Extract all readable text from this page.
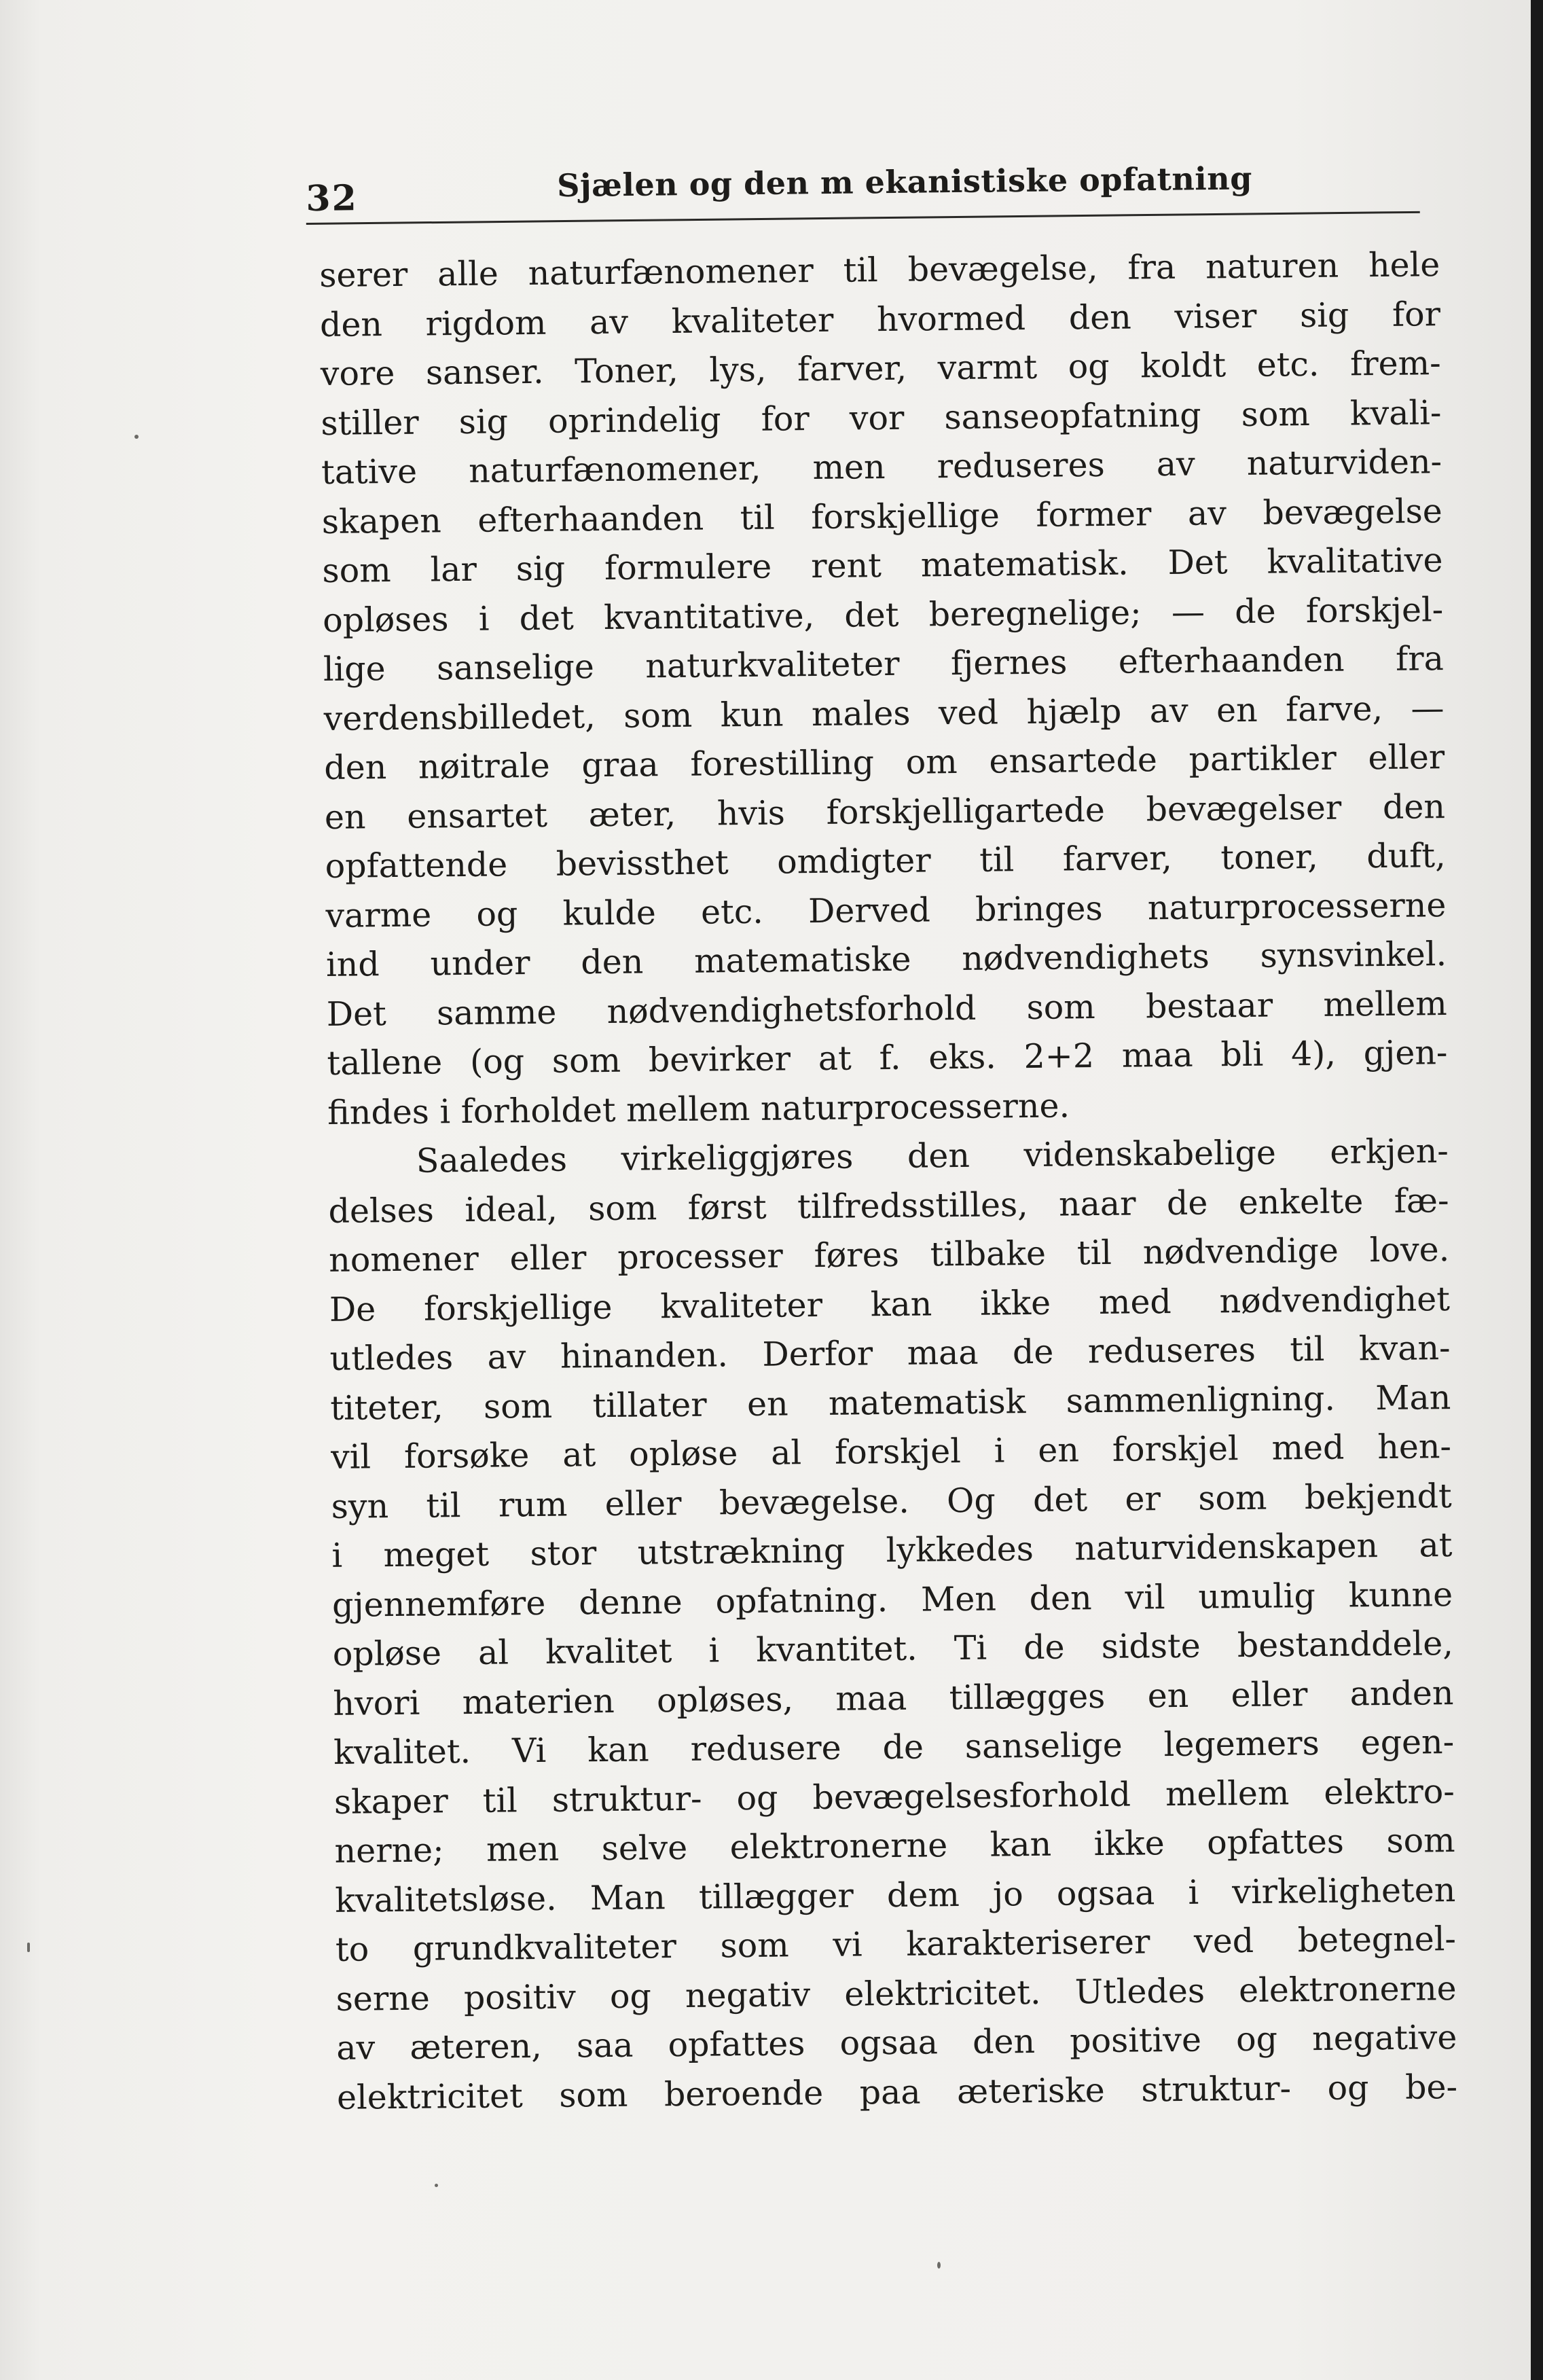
32	Sjælen og den m ekanistiske opfatning
serer alle naturfænomener til bevægelse, fra naturen hele
den rigdom av kvaliteter hvormed den viser sig for
vore sanser. Toner, lys, farver, varmt og koldt etc. frem-
stiller sig oprindelig for vor sanseopfatning som kvali-
tative naturfænomener, men reduseres av naturviden-
skapen efterhaanden til forskjellige former av bevægelse
som lar sig formulere rent matematisk. Det kvalitative
opløses i det kvantitative, det beregnelige; — de forskjel-
lige sanselige naturkvaliteter fjernes efterhaanden fra
verdensbilledet, som kun males ved hjælp av en farve, —
den nøitrale graa forestilling om ensartede partikler eller
en ensartet æter, hvis forskjelligartede bevægelser den
opfattende bevissthet omdigter til farver, toner, duft,
varme og kulde etc. Derved bringes naturprocesserne
ind under den matematiske nødvendighets synsvinkel.
Det samme nødvendighetsforhold som bestaar mellem
tallene (og som bevirker at f. eks. 2+2 maa bli 4), gjen-
findes i forholdet mellem naturprocesserne.
Saaledes virkeliggjøres den videnskabelige erkjen-
delses ideal, som først tilfredsstilles, naar de enkelte fæ-
nomener eller processer føres tilbake til nødvendige love.
De forskjellige kvaliteter kan ikke med nødvendighet
utledes av hinanden. Derfor maa de reduseres til kvan-
titeter, som tillater en matematisk sammenligning. Man
vil forsøke at opløse al forskjel i en forskjel med hen-
syn til rum eller bevægelse. Og det er som bekjendt
i meget stor utstrækning lykkedes naturvidenskapen at
gjennemføre denne opfatning. Men den vil umulig kunne
opløse al kvalitet i kvantitet. Ti de sidste bestanddele,
hvori materien opløses, maa tillægges en eller anden
kvalitet. Vi kan redusere de sanselige legemers egen-
skaper til struktur- og bevægelsesforhold mellem elektro-
nerne; men selve elektronerne kan ikke opfattes som
kvalitetsløse. Man tillægger dem jo ogsaa i virkeligheten
to grundkvaliteter som vi karakteriserer ved betegnel-
serne positiv og negativ elektricitet. Utledes elektronerne
av æteren, saa opfattes ogsaa den positive og negative
elektricitet som beroende paa æteriske struktur- og be-
